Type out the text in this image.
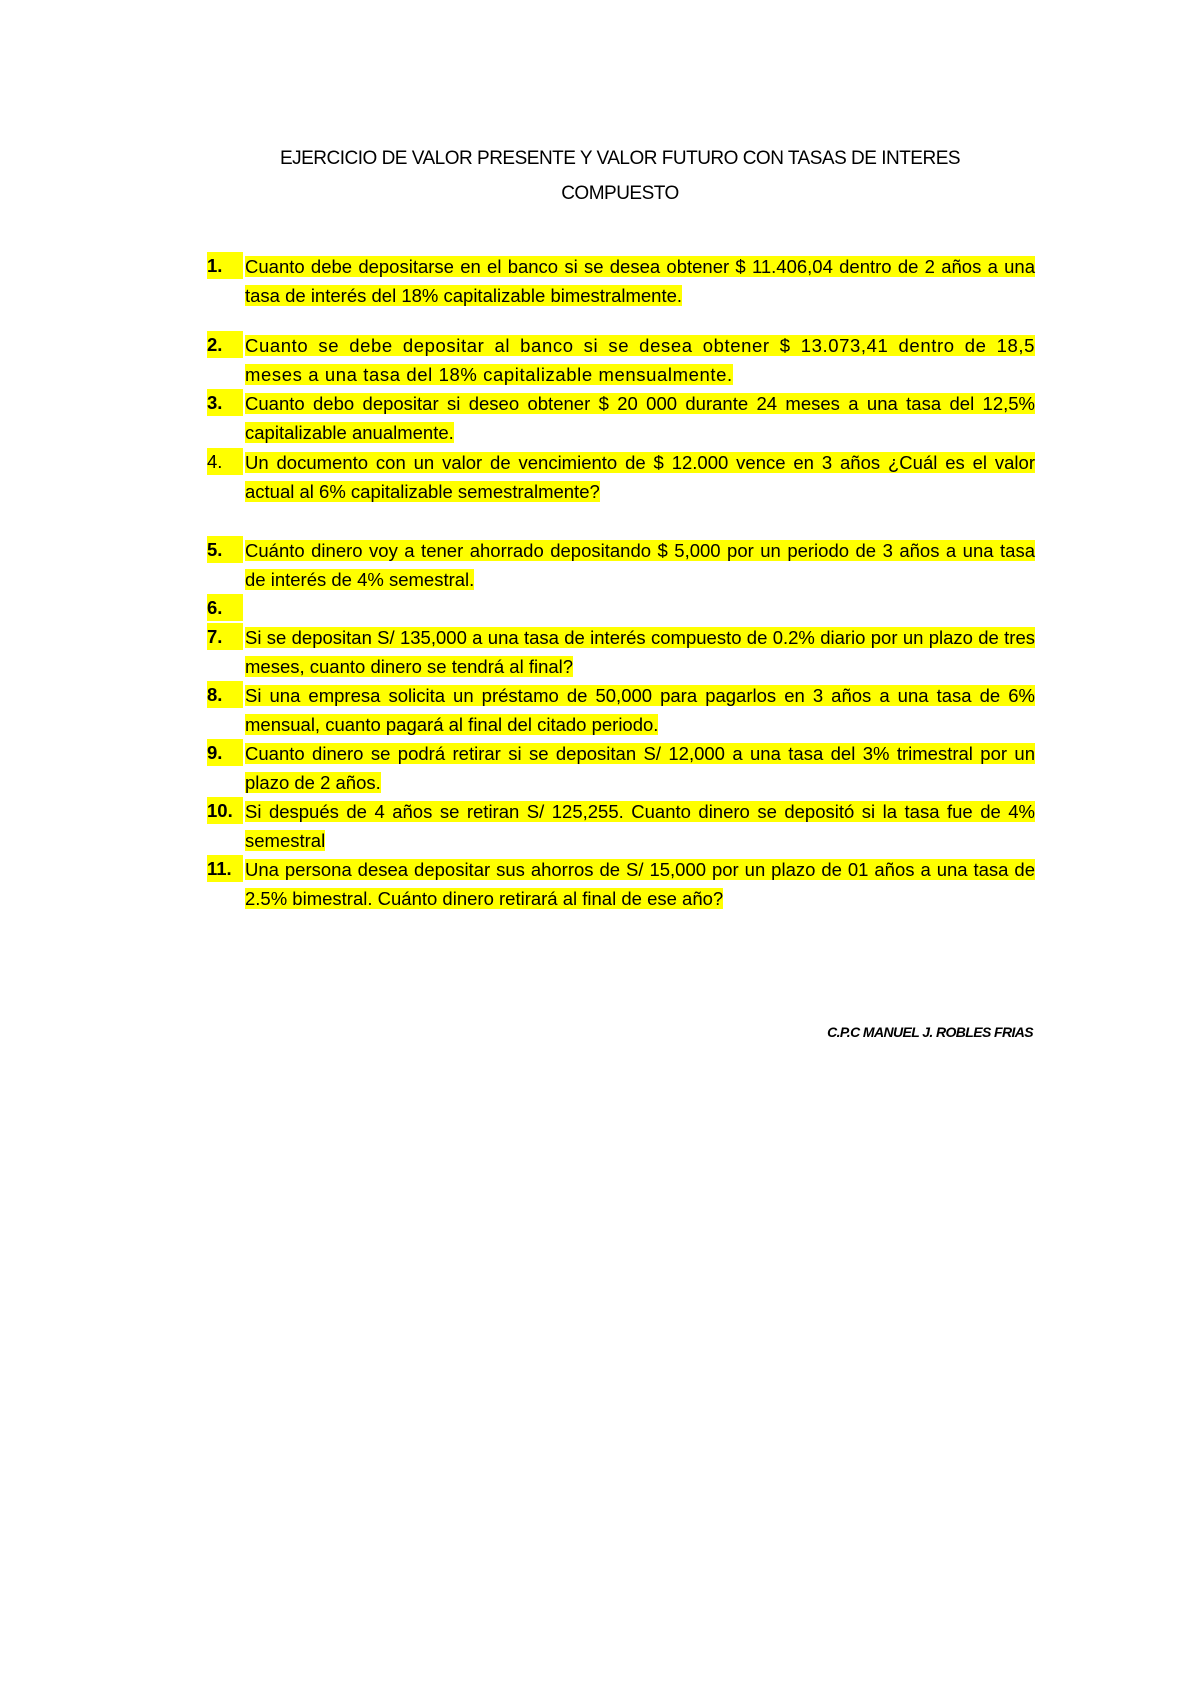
EJERCICIO DE VALOR PRESENTE Y VALOR FUTURO CON TASAS DE INTERES
COMPUESTO
1.	Cuanto debe depositarse en el banco si se desea obtener $ 11.406,04 dentro de 2 años a una tasa de interés del 18% capitalizable bimestralmente.
2.	Cuanto se debe depositar al banco si se desea obtener $ 13.073,41 dentro de 18,5 meses a una tasa del 18% capitalizable mensualmente.
3.	Cuanto debo depositar si deseo obtener $ 20 000 durante 24 meses a una tasa del 12,5% capitalizable anualmente.
4.	Un documento con un valor de vencimiento de $ 12.000 vence en 3 años ¿Cuál es el valor actual al 6% capitalizable semestralmente?
5.	Cuánto dinero voy a tener ahorrado depositando $ 5,000 por un periodo de 3 años a una tasa de interés de 4% semestral.
6.
7.	Si se depositan S/ 135,000 a una tasa de interés compuesto de 0.2% diario por un plazo de tres meses, cuanto dinero se tendrá al final?
8.	Si una empresa solicita un préstamo de 50,000 para pagarlos en 3 años a una tasa de 6% mensual, cuanto pagará al final del citado periodo.
9.	Cuanto dinero se podrá retirar si se depositan S/ 12,000 a una tasa del 3% trimestral por un plazo de 2 años.
10. Si después de 4 años se retiran S/ 125,255. Cuanto dinero se depositó si la tasa fue de 4% semestral
11. Una persona desea depositar sus ahorros de S/ 15,000 por un plazo de 01 años a una tasa de 2.5% bimestral. Cuánto dinero retirará al final de ese año?
C.P.C MANUEL J. ROBLES FRIAS
